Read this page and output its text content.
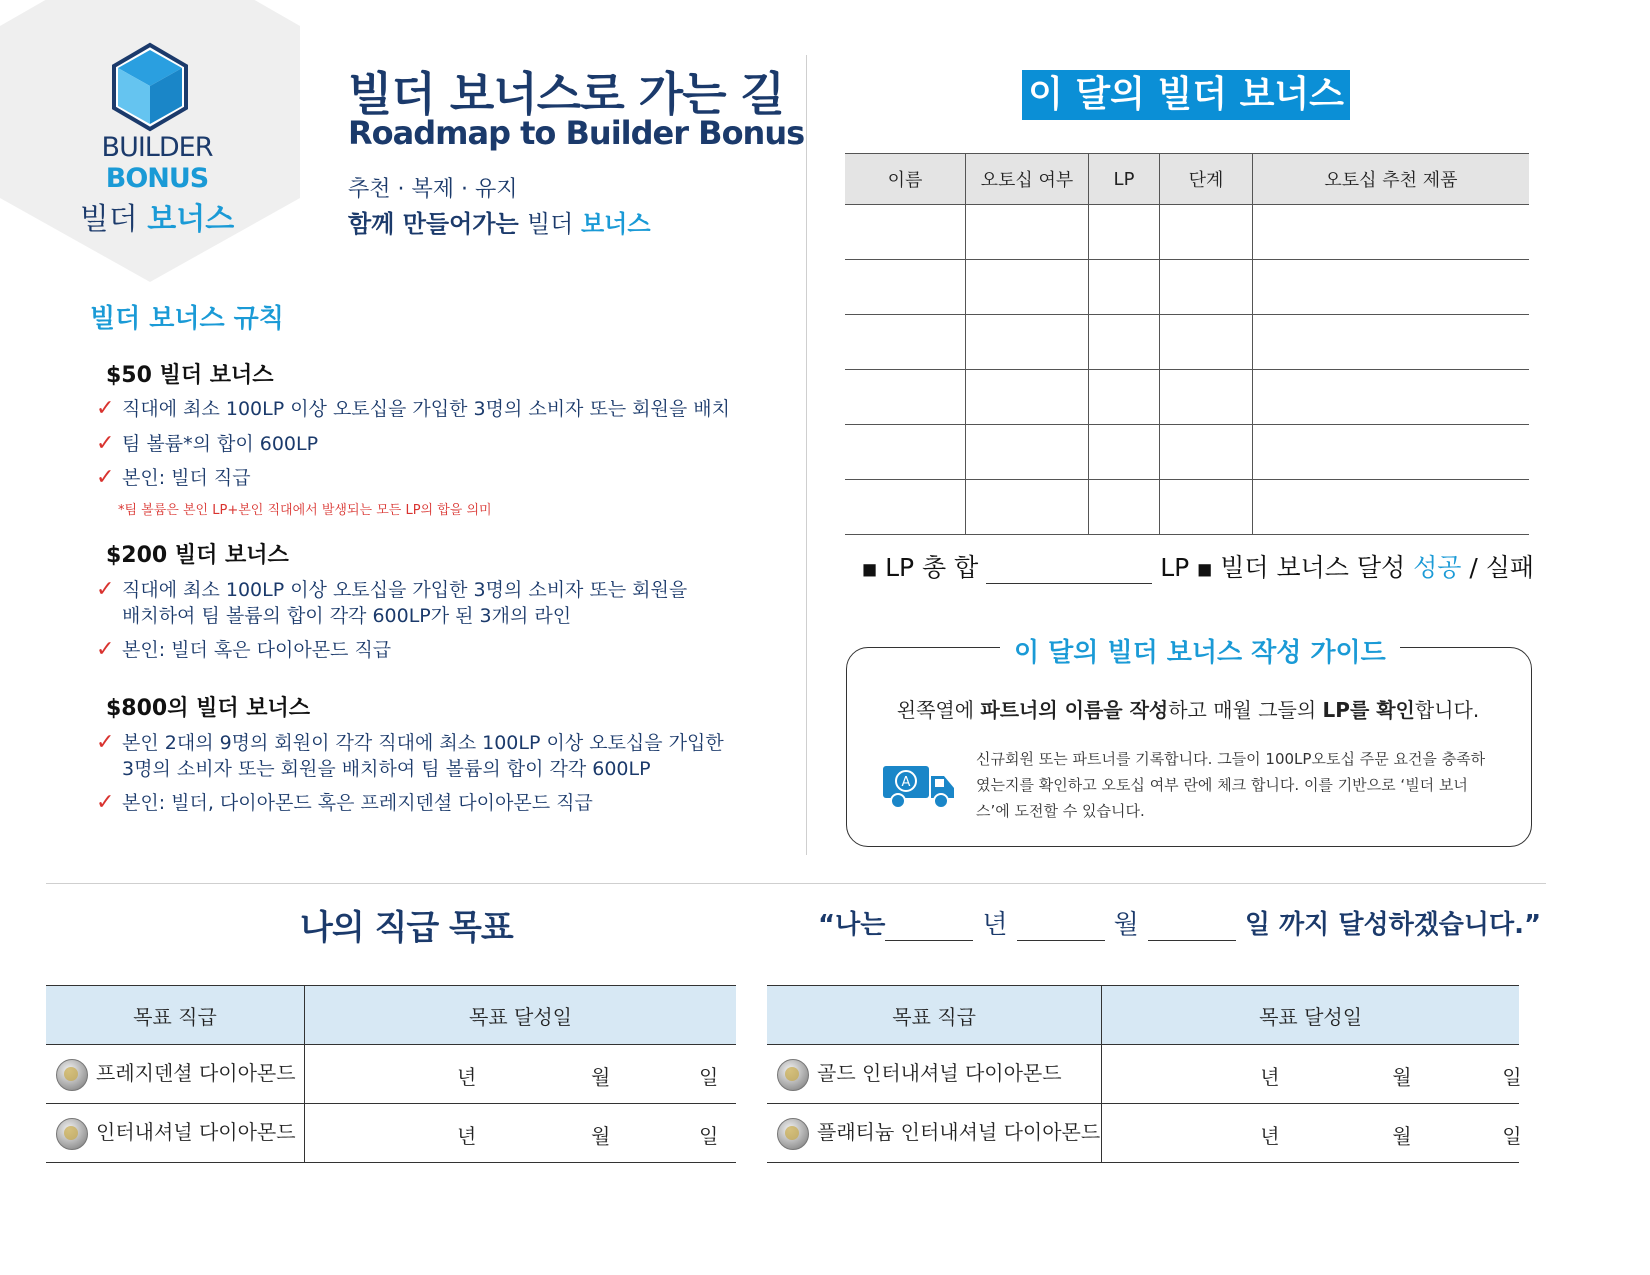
BUILDER BONUS
빌더 보너스
빌더 보너스로 가는 길
Roadmap to Builder Bonus
추천 · 복제 · 유지
함께 만들어가는 빌더 보너스
빌더 보너스 규칙
$50 빌더 보너스
✓ 직대에 최소 100LP 이상 오토십을 가입한 3명의 소비자 또는 회원을 배치
✓ 팀 볼륨*의 합이 600LP
✓ 본인: 빌더 직급
*팀 볼륨은 본인 LP+본인 직대에서 발생되는 모든 LP의 합을 의미
$200 빌더 보너스
✓ 직대에 최소 100LP 이상 오토십을 가입한 3명의 소비자 또는 회원을
배치하여 팀 볼륨의 합이 각각 600LP가 된 3개의 라인
✓ 본인: 빌더 혹은 다이아몬드 직급
$800의 빌더 보너스
✓ 본인 2대의 9명의 회원이 각각 직대에 최소 100LP 이상 오토십을 가입한
3명의 소비자 또는 회원을 배치하여 팀 볼륨의 합이 각각 600LP
✓ 본인: 빌더, 다이아몬드 혹은 프레지덴셜 다이아몬드 직급
이 달의 빌더 보너스
이름	오토십 여부	LP	단계	오토십 추천 제품

■ LP 총 합	LP ■ 빌더 보너스 달성 성공 / 실패
이 달의 빌더 보너스 작성 가이드
왼쪽열에 파트너의 이름을 작성하고 매월 그들의 LP를 확인합니다.
A
신규회원 또는 파트너를 기록합니다. 그들이 100LP오토십 주문 요건을 충족하였는지를 확인하고 오토십 여부 란에 체크 합니다. 이를 기반으로 ‘빌더 보너스’에 도전할 수 있습니다.
나의 직급 목표	“나는	년	월	일 까지 달성하겠습니다.”
목표 직급	목표 달성일
프레지덴셜 다이아몬드	년 월 일

인터내셔널 다이아몬드	년 월 일
목표 직급	목표 달성일
골드 인터내셔널 다이아몬드	년 월 일

플래티늄 인터내셔널 다이아몬드	년 월 일
